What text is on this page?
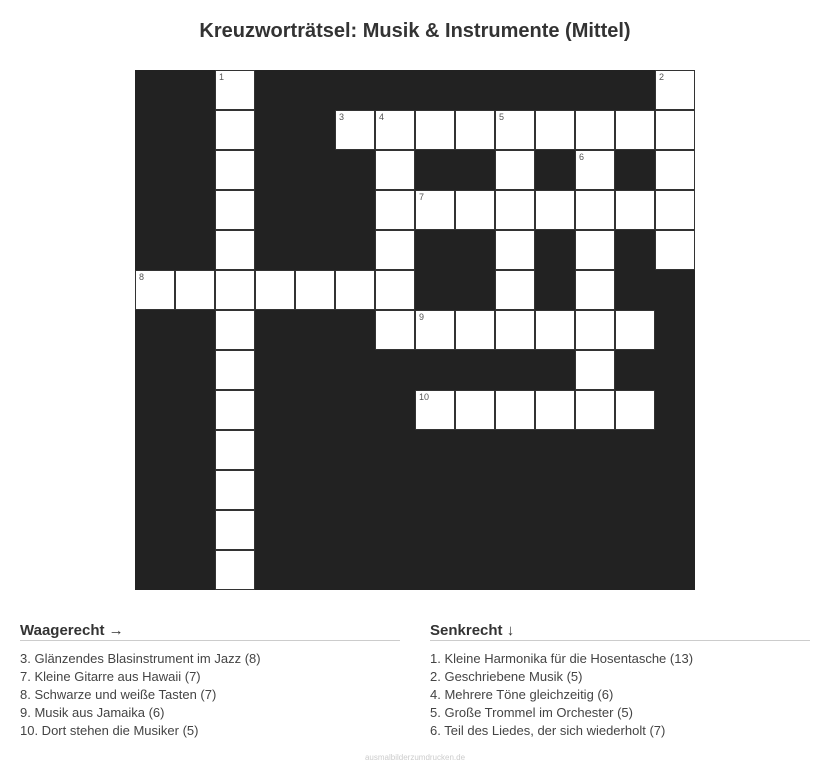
Kreuzworträtsel: Musik & Instrumente (Mittel)
1	2
3	4	5
6
7
8
9
10
Waagerecht →
3. Glänzendes Blasinstrument im Jazz (8)
7. Kleine Gitarre aus Hawaii (7)
8. Schwarze und weiße Tasten (7)
9. Musik aus Jamaika (6)
10. Dort stehen die Musiker (5)
Senkrecht ↓
1. Kleine Harmonika für die Hosentasche (13)
2. Geschriebene Musik (5)
4. Mehrere Töne gleichzeitig (6)
5. Große Trommel im Orchester (5)
6. Teil des Liedes, der sich wiederholt (7)
ausmalbilderzumdrucken.de
